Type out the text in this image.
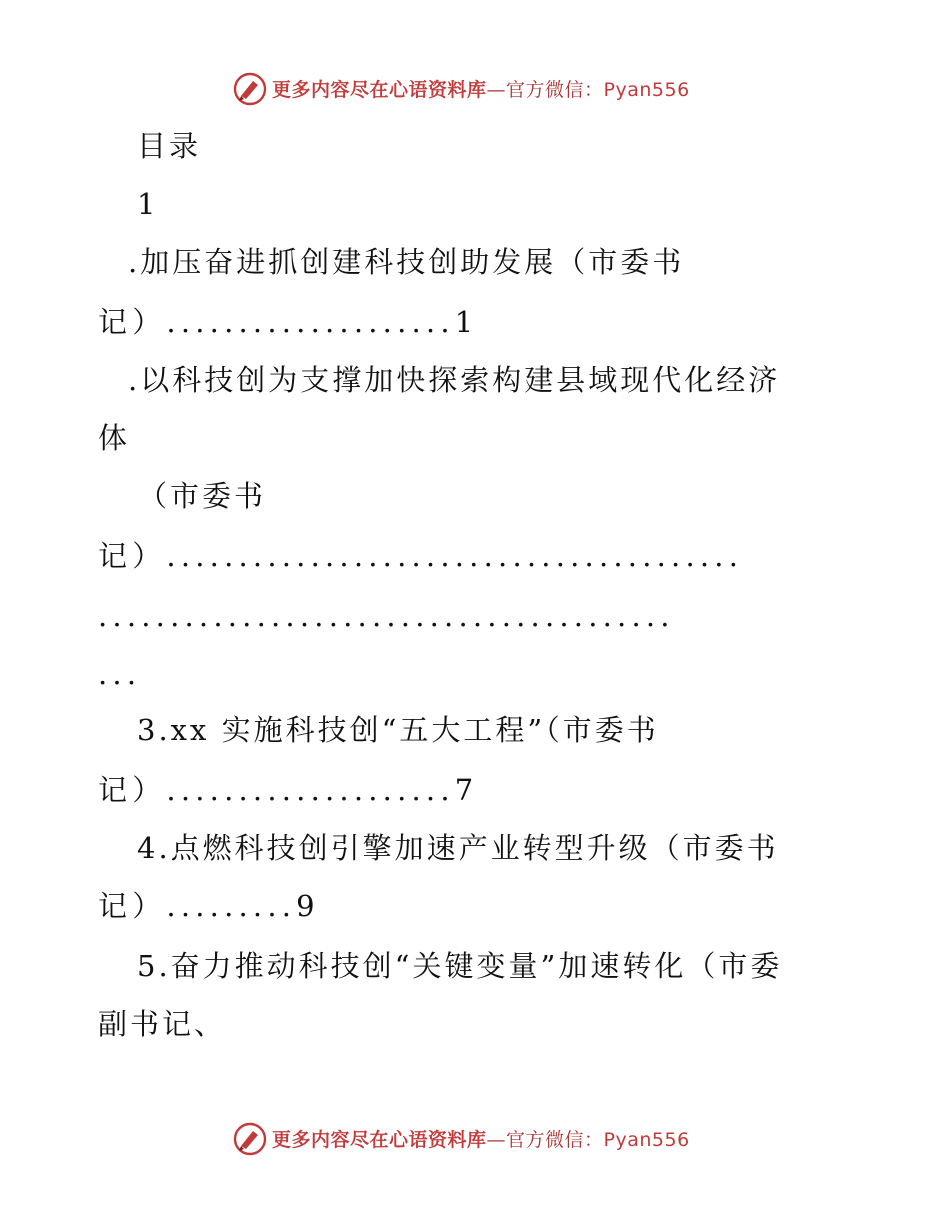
更多内容尽在心语资料库—官方微信：Pyan556
目录
1
.加压奋进抓创建科技创助发展（市委书
记）....................1
.以科技创为支撑加快探索构建县域现代化经济
体
（市委书
记）........................................
........................................
...
3.xx 实施科技创“五大工程”（市委书
记）....................7
4.点燃科技创引擎加速产业转型升级（市委书
记）.........9
5.奋力推动科技创“关键变量”加速转化（市委
副书记、
更多内容尽在心语资料库—官方微信：Pyan556
